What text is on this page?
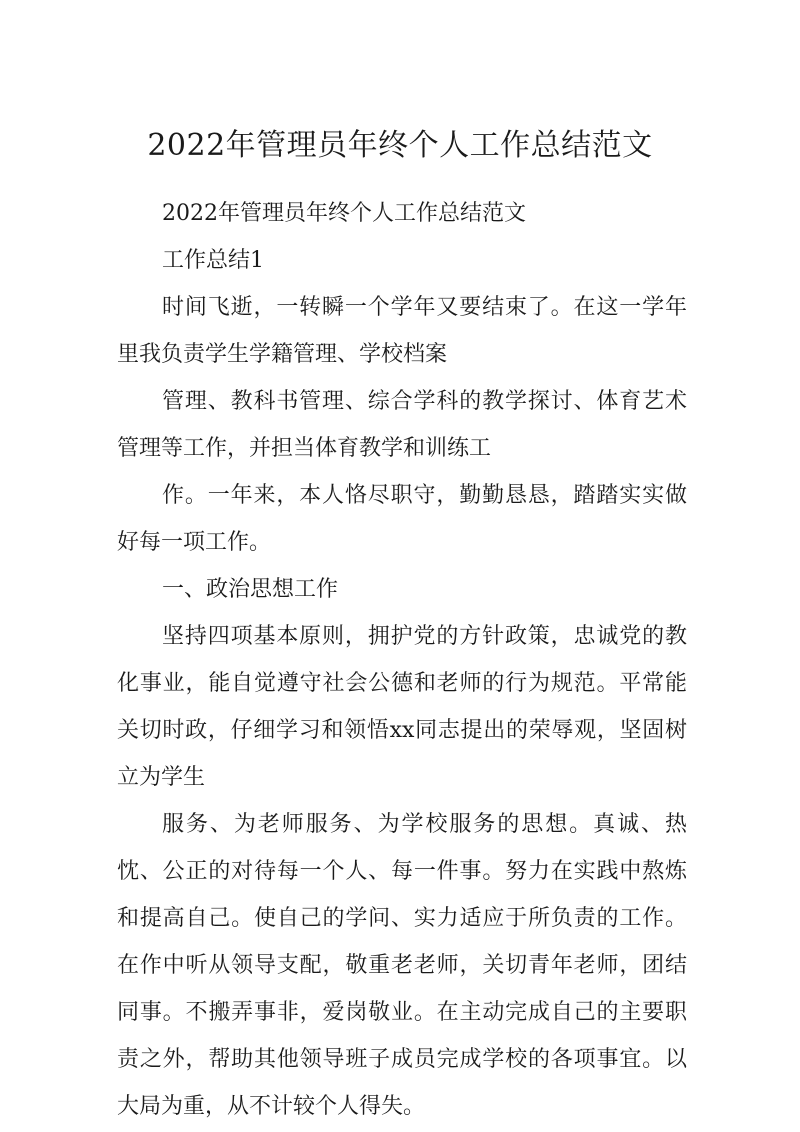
2022年管理员年终个人工作总结范文

2022年管理员年终个人工作总结范文

工作总结1

时间飞逝，一转瞬一个学年又要结束了。在这一学年里我负责学生学籍管理、学校档案

管理、教科书管理、综合学科的教学探讨、体育艺术管理等工作，并担当体育教学和训练工

作。一年来，本人恪尽职守，勤勤恳恳，踏踏实实做好每一项工作。

一、政治思想工作

坚持四项基本原则，拥护党的方针政策，忠诚党的教化事业，能自觉遵守社会公德和老师的行为规范。平常能关切时政，仔细学习和领悟xx同志提出的荣辱观，坚固树立为学生

服务、为老师服务、为学校服务的思想。真诚、热忱、公正的对待每一个人、每一件事。努力在实践中熬炼和提高自己。使自己的学问、实力适应于所负责的工作。在作中听从领导支配，敬重老老师，关切青年老师，团结同事。不搬弄事非，爱岗敬业。在主动完成自己的主要职责之外，帮助其他领导班子成员完成学校的各项事宜。以大局为重，从不计较个人得失。
